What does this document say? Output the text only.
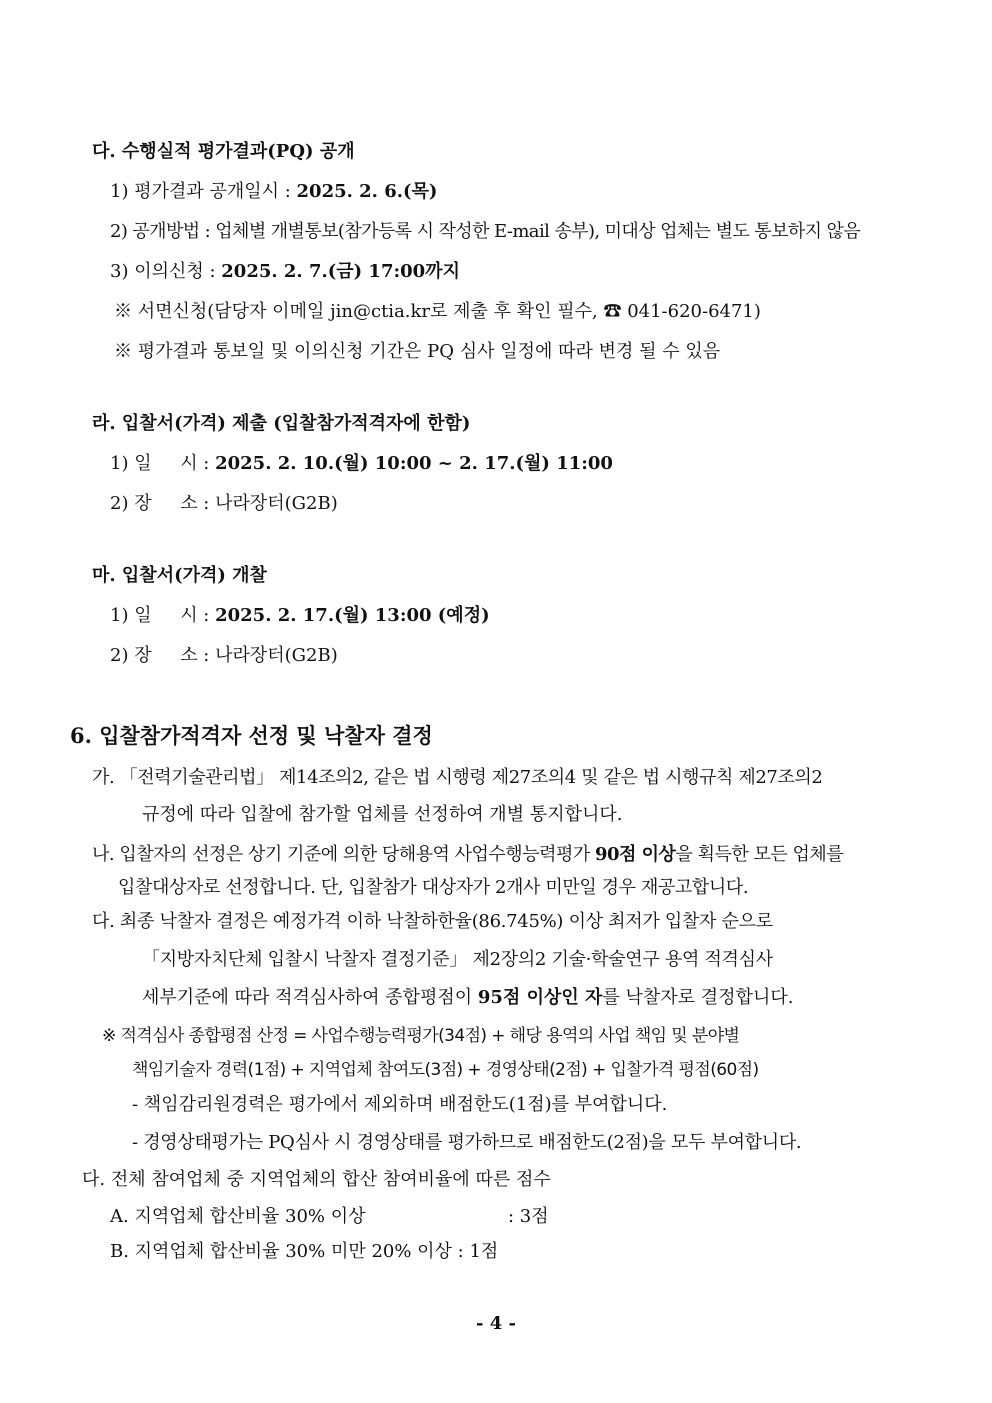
다. 수행실적 평가결과(PQ) 공개
1) 평가결과 공개일시 : 2025. 2. 6.(목)
2) 공개방법 : 업체별 개별통보(참가등록 시 작성한 E-mail 송부), 미대상 업체는 별도 통보하지 않음
3) 이의신청 : 2025. 2. 7.(금) 17:00까지
※ 서면신청(담당자 이메일 jin@ctia.kr로 제출 후 확인 필수, ☎ 041-620-6471)
※ 평가결과 통보일 및 이의신청 기간은 PQ 심사 일정에 따라 변경 될 수 있음
라. 입찰서(가격) 제출 (입찰참가적격자에 한함)
1) 일     시 : 2025. 2. 10.(월) 10:00 ~ 2. 17.(월) 11:00
2) 장     소 : 나라장터(G2B)
마. 입찰서(가격) 개찰
1) 일     시 : 2025. 2. 17.(월) 13:00 (예정)
2) 장     소 : 나라장터(G2B)
6. 입찰참가적격자 선정 및 낙찰자 결정
가. 「전력기술관리법」 제14조의2, 같은 법 시행령 제27조의4 및 같은 법 시행규칙 제27조의2
규정에 따라 입찰에 참가할 업체를 선정하여 개별 통지합니다.
나. 입찰자의 선정은 상기 기준에 의한 당해용역 사업수행능력평가 90점 이상을 획득한 모든 업체를
입찰대상자로 선정합니다. 단, 입찰참가 대상자가 2개사 미만일 경우 재공고합니다.
다. 최종 낙찰자 결정은 예정가격 이하 낙찰하한율(86.745%) 이상 최저가 입찰자 순으로
「지방자치단체 입찰시 낙찰자 결정기준」 제2장의2 기술·학술연구 용역 적격심사
세부기준에 따라 적격심사하여 종합평점이 95점 이상인 자를 낙찰자로 결정합니다.
※ 적격심사 종합평점 산정 = 사업수행능력평가(34점) + 해당 용역의 사업 책임 및 분야별
책임기술자 경력(1점) + 지역업체 참여도(3점) + 경영상태(2점) + 입찰가격 평점(60점)
- 책임감리원경력은 평가에서 제외하며 배점한도(1점)를 부여합니다.
- 경영상태평가는 PQ심사 시 경영상태를 평가하므로 배점한도(2점)을 모두 부여합니다.
다. 전체 참여업체 중 지역업체의 합산 참여비율에 따른 점수
A. 지역업체 합산비율 30% 이상	: 3점
B. 지역업체 합산비율 30% 미만 20% 이상 : 1점
- 4 -
